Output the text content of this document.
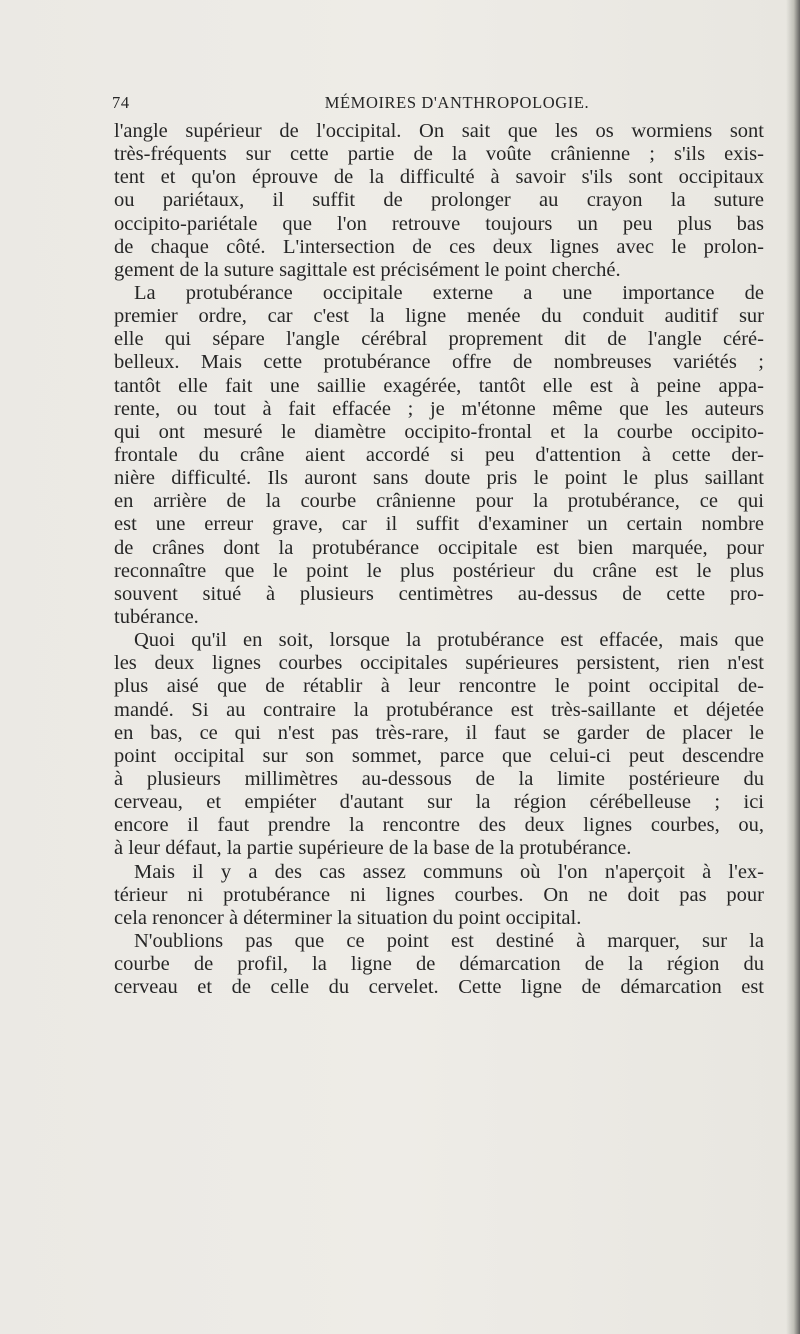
74	MÉMOIRES D'ANTHROPOLOGIE.
l'angle supérieur de l'occipital. On sait que les os wormiens sont
très-fréquents sur cette partie de la voûte crânienne ; s'ils exis-
tent et qu'on éprouve de la difficulté à savoir s'ils sont occipitaux
ou pariétaux, il suffit de prolonger au crayon la suture
occipito-pariétale que l'on retrouve toujours un peu plus bas
de chaque côté. L'intersection de ces deux lignes avec le prolon-
gement de la suture sagittale est précisément le point cherché.
La protubérance occipitale externe a une importance de
premier ordre, car c'est la ligne menée du conduit auditif sur
elle qui sépare l'angle cérébral proprement dit de l'angle céré-
belleux. Mais cette protubérance offre de nombreuses variétés ;
tantôt elle fait une saillie exagérée, tantôt elle est à peine appa-
rente, ou tout à fait effacée ; je m'étonne même que les auteurs
qui ont mesuré le diamètre occipito-frontal et la courbe occipito-
frontale du crâne aient accordé si peu d'attention à cette der-
nière difficulté. Ils auront sans doute pris le point le plus saillant
en arrière de la courbe crânienne pour la protubérance, ce qui
est une erreur grave, car il suffit d'examiner un certain nombre
de crânes dont la protubérance occipitale est bien marquée, pour
reconnaître que le point le plus postérieur du crâne est le plus
souvent situé à plusieurs centimètres au-dessus de cette pro-
tubérance.
Quoi qu'il en soit, lorsque la protubérance est effacée, mais que
les deux lignes courbes occipitales supérieures persistent, rien n'est
plus aisé que de rétablir à leur rencontre le point occipital de-
mandé. Si au contraire la protubérance est très-saillante et déjetée
en bas, ce qui n'est pas très-rare, il faut se garder de placer le
point occipital sur son sommet, parce que celui-ci peut descendre
à plusieurs millimètres au-dessous de la limite postérieure du
cerveau, et empiéter d'autant sur la région cérébelleuse ; ici
encore il faut prendre la rencontre des deux lignes courbes, ou,
à leur défaut, la partie supérieure de la base de la protubérance.
Mais il y a des cas assez communs où l'on n'aperçoit à l'ex-
térieur ni protubérance ni lignes courbes. On ne doit pas pour
cela renoncer à déterminer la situation du point occipital.
N'oublions pas que ce point est destiné à marquer, sur la
courbe de profil, la ligne de démarcation de la région du
cerveau et de celle du cervelet. Cette ligne de démarcation est
